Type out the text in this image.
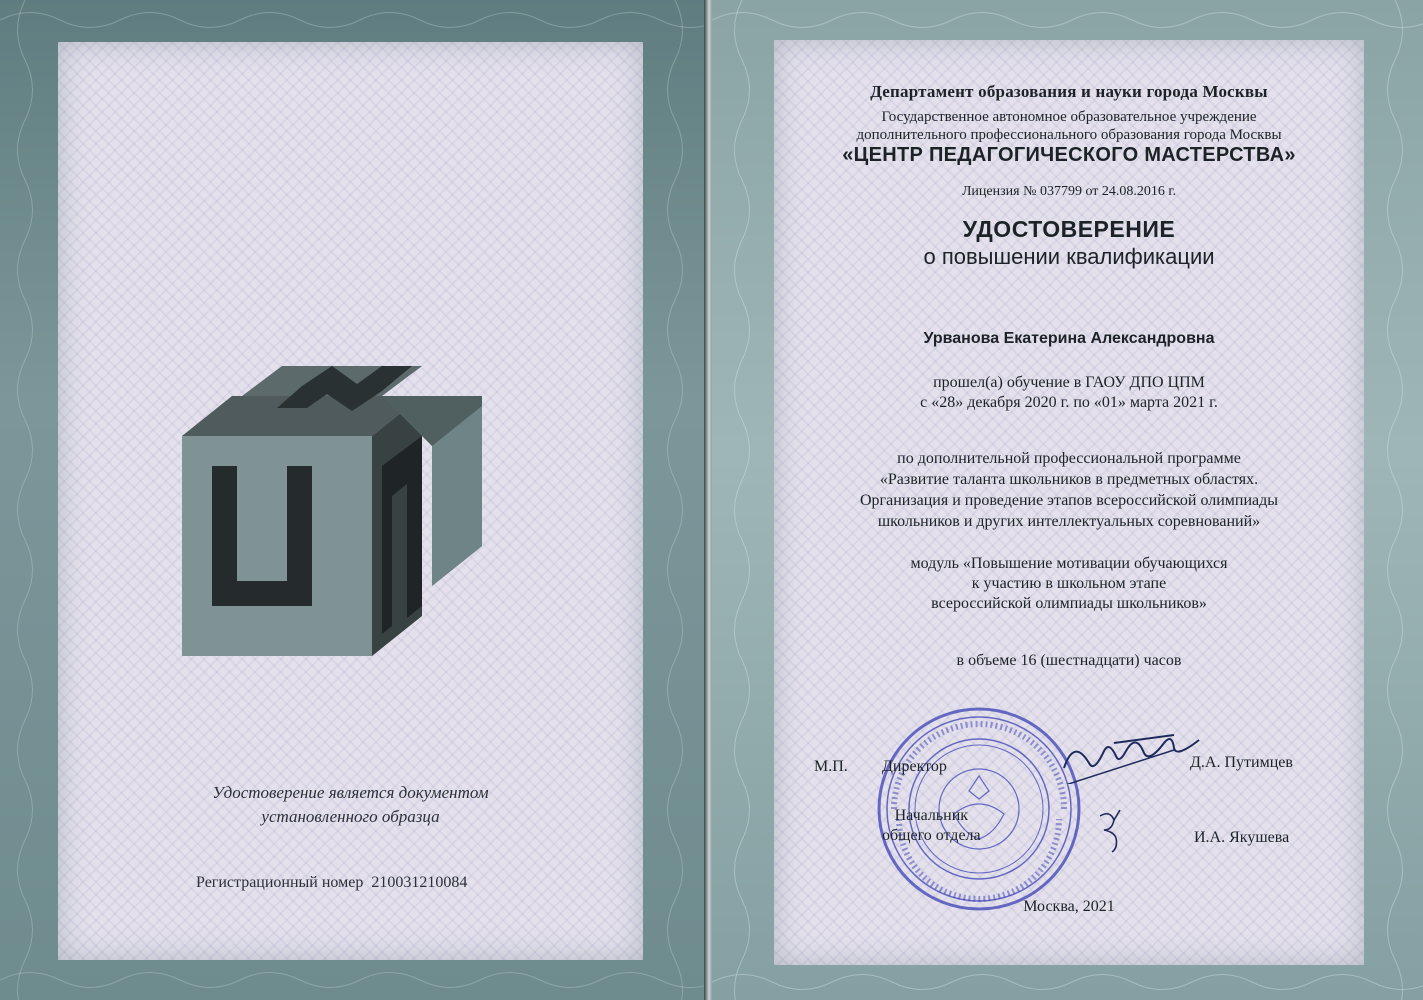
Удостоверение является документом
установленного образца

Регистрационный номер 210031210084

Департамент образования и науки города Москвы

Государственное автономное образовательное учреждение
дополнительного профессионального образования города Москвы

«ЦЕНТР ПЕДАГОГИЧЕСКОГО МАСТЕРСТВА»

Лицензия № 037799 от 24.08.2016 г.

УДОСТОВЕРЕНИЕ

о повышении квалификации

Урванова Екатерина Александровна

прошел(а) обучение в ГАОУ ДПО ЦПМ
с «28» декабря 2020 г. по «01» марта 2021 г.

по дополнительной профессиональной программе
«Развитие таланта школьников в предметных областях.
Организация и проведение этапов всероссийской олимпиады
школьников и других интеллектуальных соревнований»

модуль «Повышение мотивации обучающихся
к участию в школьном этапе
всероссийской олимпиады школьников»

в объеме 16 (шестнадцати) часов

М.П. Директор	Д.А. Путимцев
Начальник
общего отдела	И.А. Якушева
Москва, 2021
